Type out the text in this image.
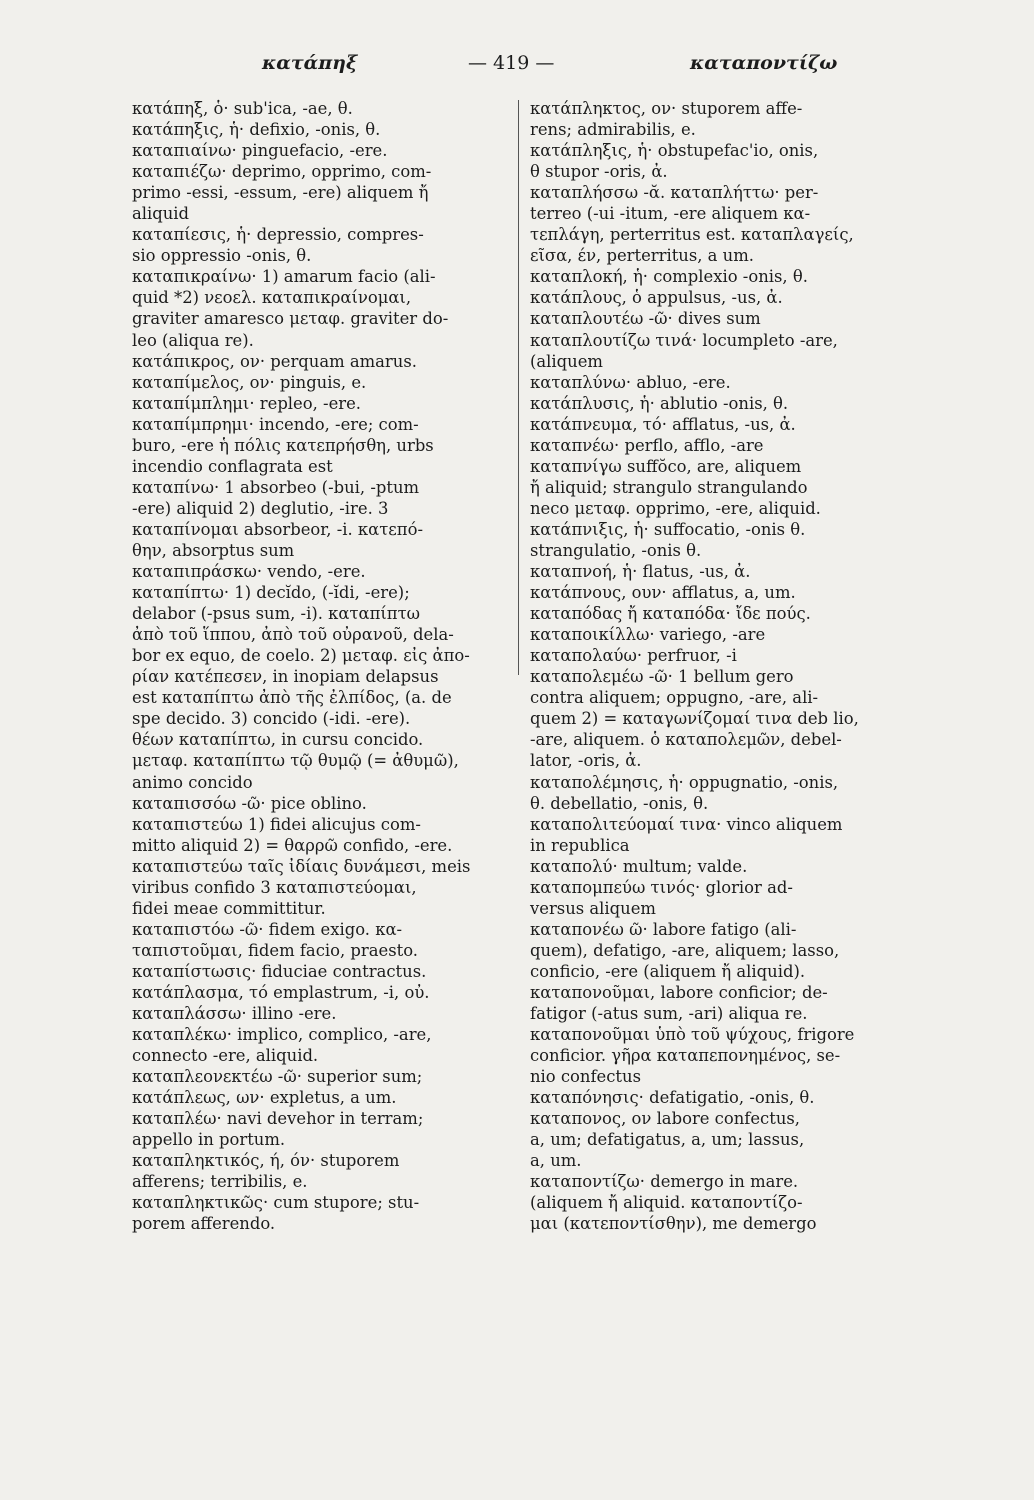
κατάπηξ	— 419 —	καταποντίζω
κατάπηξ, ὁ· sub'ica, -ae, θ.
κατάπηξις, ἡ· defixio, -onis, θ.
καταπιαίνω· pinguefacio, -ere.
καταπιέζω· deprimo, opprimo, com-
primo -essi, -essum, -ere) aliquem ἤ
aliquid
καταπίεσις, ἡ· depressio, compres-
sio oppressio -onis, θ.
καταπικραίνω· 1) amarum facio (ali-
quid *2) νεοελ. καταπικραίνομαι,
graviter amaresco μεταφ. graviter do-
leo (aliqua re).
κατάπικρος, ον· perquam amarus.
καταπίμελος, ον· pinguis, e.
καταπίμπλημι· repleo, -ere.
καταπίμπρημι· incendo, -ere; com-
buro, -ere ἡ πόλις κατεπρήσθη, urbs
incendio conflagrata est
καταπίνω· 1 absorbeo (-bui, -ptum
-ere) aliquid 2) deglutio, -ire. 3
καταπίνομαι absorbeor, -i. κατεπό-
θην, absorptus sum
καταπιπράσκω· vendo, -ere.
καταπίπτω· 1) decĭdo, (-ĭdi, -ere);
delabor (-psus sum, -i). καταπίπτω
ἀπὸ τοῦ ἵππου, ἀπὸ τοῦ οὐρανοῦ, dela-
bor ex equo, de coelo. 2) μεταφ. εἰς ἀπο-
ρίαν κατέπεσεν, in inopiam delapsus
est καταπίπτω ἀπὸ τῆς ἐλπίδος, (a. de
spe decido. 3) concido (-idi. -ere).
θέων καταπίπτω, in cursu concido.
μεταφ. καταπίπτω τῷ θυμῷ (= ἀθυμῶ),
animo concido
καταπισσόω -ῶ· pice oblino.
καταπιστεύω 1) fidei alicujus com-
mitto aliquid 2) = θαρρῶ confido, -ere.
καταπιστεύω ταῖς ἰδίαις δυνάμεσι, meis
viribus confido 3 καταπιστεύομαι,
fidei meae committitur.
καταπιστόω -ῶ· fidem exigo. κα-
ταπιστοῦμαι, fidem facio, praesto.
καταπίστωσις· fiduciae contractus.
κατάπλασμα, τό emplastrum, -i, οὐ.
καταπλάσσω· illino -ere.
καταπλέκω· implico, complico, -are,
connecto -ere, aliquid.
καταπλεονεκτέω -ῶ· superior sum;
κατάπλεως, ων· expletus, a um.
καταπλέω· navi devehor in terram;
appello in portum.
καταπληκτικός, ή, όν· stuporem
afferens; terribilis, e.
καταπληκτικῶς· cum stupore; stu-
porem afferendo.
κατάπληκτος, ον· stuporem affe-
rens; admirabilis, e.
κατάπληξις, ἡ· obstupefac'io, onis,
θ stupor -oris, ἀ.
καταπλήσσω -ᾰ. καταπλήττω· per-
terreo (-ui -itum, -ere aliquem κα-
τεπλάγη, perterritus est. καταπλαγείς,
εῖσα, έν, perterritus, a um.
καταπλοκή, ἡ· complexio -onis, θ.
κατάπλους, ὁ appulsus, -us, ἀ.
καταπλουτέω -ῶ· dives sum
καταπλουτίζω τινά· locumpleto -are,
(aliquem
καταπλύνω· abluo, -ere.
κατάπλυσις, ἡ· ablutio -onis, θ.
κατάπνευμα, τό· afflatus, -us, ἀ.
καταπνέω· perflo, afflo, -are
καταπνίγω suffŏco, are, aliquem
ἤ aliquid; strangulo strangulando
neco μεταφ. opprimo, -ere, aliquid.
κατάπνιξις, ἡ· suffocatio, -onis θ.
strangulatio, -onis θ.
καταπνοή, ἡ· flatus, -us, ἀ.
κατάπνους, ουν· afflatus, a, um.
καταπόδας ἤ καταπόδα· ἴδε πούς.
καταποικίλλω· variego, -are
καταπολαύω· perfruor, -i
καταπολεμέω -ῶ· 1 bellum gero
contra aliquem; oppugno, -are, ali-
quem 2) = καταγωνίζομαί τινα deb lio,
-are, aliquem. ὁ καταπολεμῶν, debel-
lator, -oris, ἀ.
καταπολέμησις, ἡ· oppugnatio, -onis,
θ. debellatio, -onis, θ.
καταπολιτεύομαί τινα· vinco aliquem
in republica
καταπολύ· multum; valde.
καταπομπεύω τινός· glorior ad-
versus aliquem
καταπονέω ῶ· labore fatigo (ali-
quem), defatigo, -are, aliquem; lasso,
conficio, -ere (aliquem ἤ aliquid).
καταπονοῦμαι, labore conficior; de-
fatigor (-atus sum, -ari) aliqua re.
καταπονοῦμαι ὑπὸ τοῦ ψύχους, frigore
conficior. γῆρα καταπεπονημένος, se-
nio confectus
καταπόνησις· defatigatio, -onis, θ.
καταπονος, ον labore confectus,
a, um; defatigatus, a, um; lassus,
a, um.
καταποντίζω· demergo in mare.
(aliquem ἤ aliquid. καταποντίζο-
μαι (κατεποντίσθην), me demergo
